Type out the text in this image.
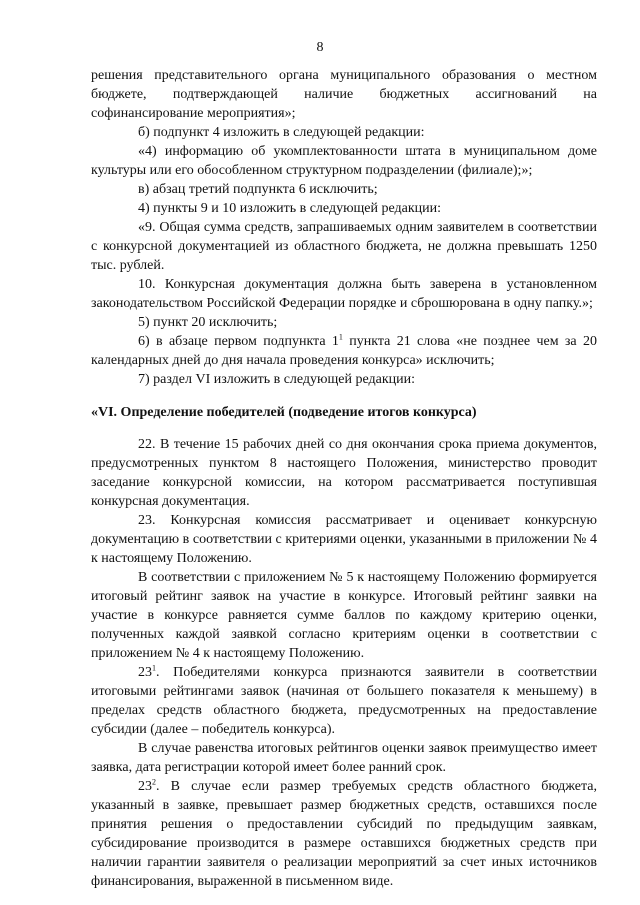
8

решения представительного органа муниципального образования о местном бюджете, подтверждающей наличие бюджетных ассигнований на софинансирование мероприятия»;

б) подпункт 4 изложить в следующей редакции:

«4) информацию об укомплектованности штата в муниципальном доме культуры или его обособленном структурном подразделении (филиале);»;

в) абзац третий подпункта 6 исключить;

4) пункты 9 и 10 изложить в следующей редакции:

«9. Общая сумма средств, запрашиваемых одним заявителем в соответствии с конкурсной документацией из областного бюджета, не должна превышать 1250 тыс. рублей.

10. Конкурсная документация должна быть заверена в установленном законодательством Российской Федерации порядке и сброшюрована в одну папку.»;

5) пункт 20 исключить;

6) в абзаце первом подпункта $1^1$ пункта 21 слова «не позднее чем за 20 календарных дней до дня начала проведения конкурса» исключить;

7) раздел VI изложить в следующей редакции:

«VI. Определение победителей (подведение итогов конкурса)

22. В течение 15 рабочих дней со дня окончания срока приема документов, предусмотренных пунктом 8 настоящего Положения, министерство проводит заседание конкурсной комиссии, на котором рассматривается поступившая конкурсная документация.

23. Конкурсная комиссия рассматривает и оценивает конкурсную документацию в соответствии с критериями оценки, указанными в приложении № 4 к настоящему Положению.

В соответствии с приложением № 5 к настоящему Положению формируется итоговый рейтинг заявок на участие в конкурсе. Итоговый рейтинг заявки на участие в конкурсе равняется сумме баллов по каждому критерию оценки, полученных каждой заявкой согласно критериям оценки в соответствии с приложением № 4 к настоящему Положению.

$23^1$. Победителями конкурса признаются заявители в соответствии итоговыми рейтингами заявок (начиная от большего показателя к меньшему) в пределах средств областного бюджета, предусмотренных на предоставление субсидии (далее – победитель конкурса).

В случае равенства итоговых рейтингов оценки заявок преимущество имеет заявка, дата регистрации которой имеет более ранний срок.

$23^2$. В случае если размер требуемых средств областного бюджета, указанный в заявке, превышает размер бюджетных средств, оставшихся после принятия решения о предоставлении субсидий по предыдущим заявкам, субсидирование производится в размере оставшихся бюджетных средств при наличии гарантии заявителя о реализации мероприятий за счет иных источников финансирования, выраженной в письменном виде.
